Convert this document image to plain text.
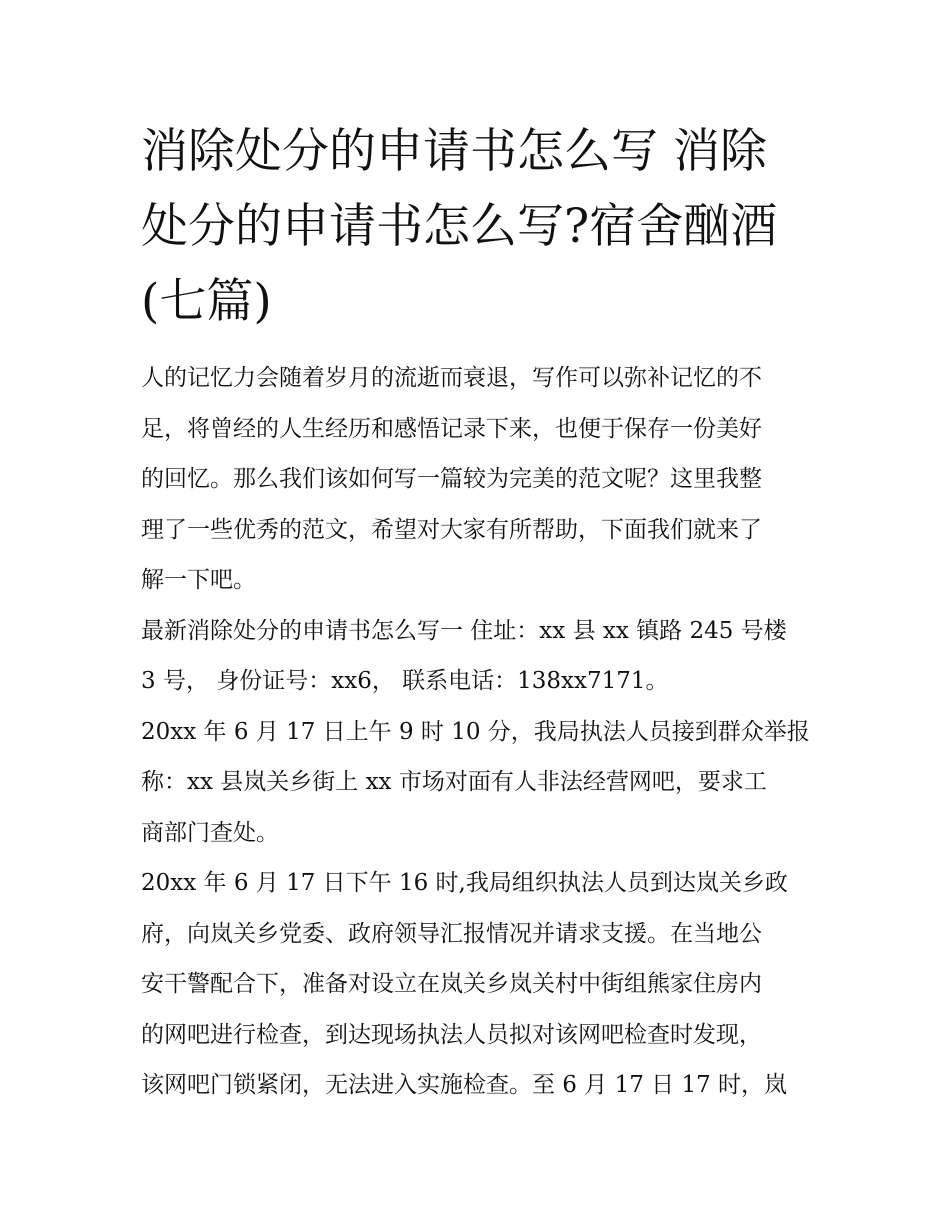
消除处分的申请书怎么写 消除
处分的申请书怎么写?宿舍酗酒
(七篇)

人的记忆力会随着岁月的流逝而衰退，写作可以弥补记忆的不
足，将曾经的人生经历和感悟记录下来，也便于保存一份美好
的回忆。那么我们该如何写一篇较为完美的范文呢？这里我整
理了一些优秀的范文，希望对大家有所帮助，下面我们就来了
解一下吧。

最新消除处分的申请书怎么写一 住址：xx 县 xx 镇路 245 号楼
3 号， 身份证号：xx6， 联系电话：138xx7171。

20xx 年 6 月 17 日上午 9 时 10 分，我局执法人员接到群众举报
称：xx 县岚关乡街上 xx 市场对面有人非法经营网吧，要求工
商部门查处。

20xx 年 6 月 17 日下午 16 时,我局组织执法人员到达岚关乡政
府，向岚关乡党委、政府领导汇报情况并请求支援。在当地公
安干警配合下，准备对设立在岚关乡岚关村中街组熊家住房内
的网吧进行检查，到达现场执法人员拟对该网吧检查时发现，
该网吧门锁紧闭，无法进入实施检查。至 6 月 17 日 17 时，岚
